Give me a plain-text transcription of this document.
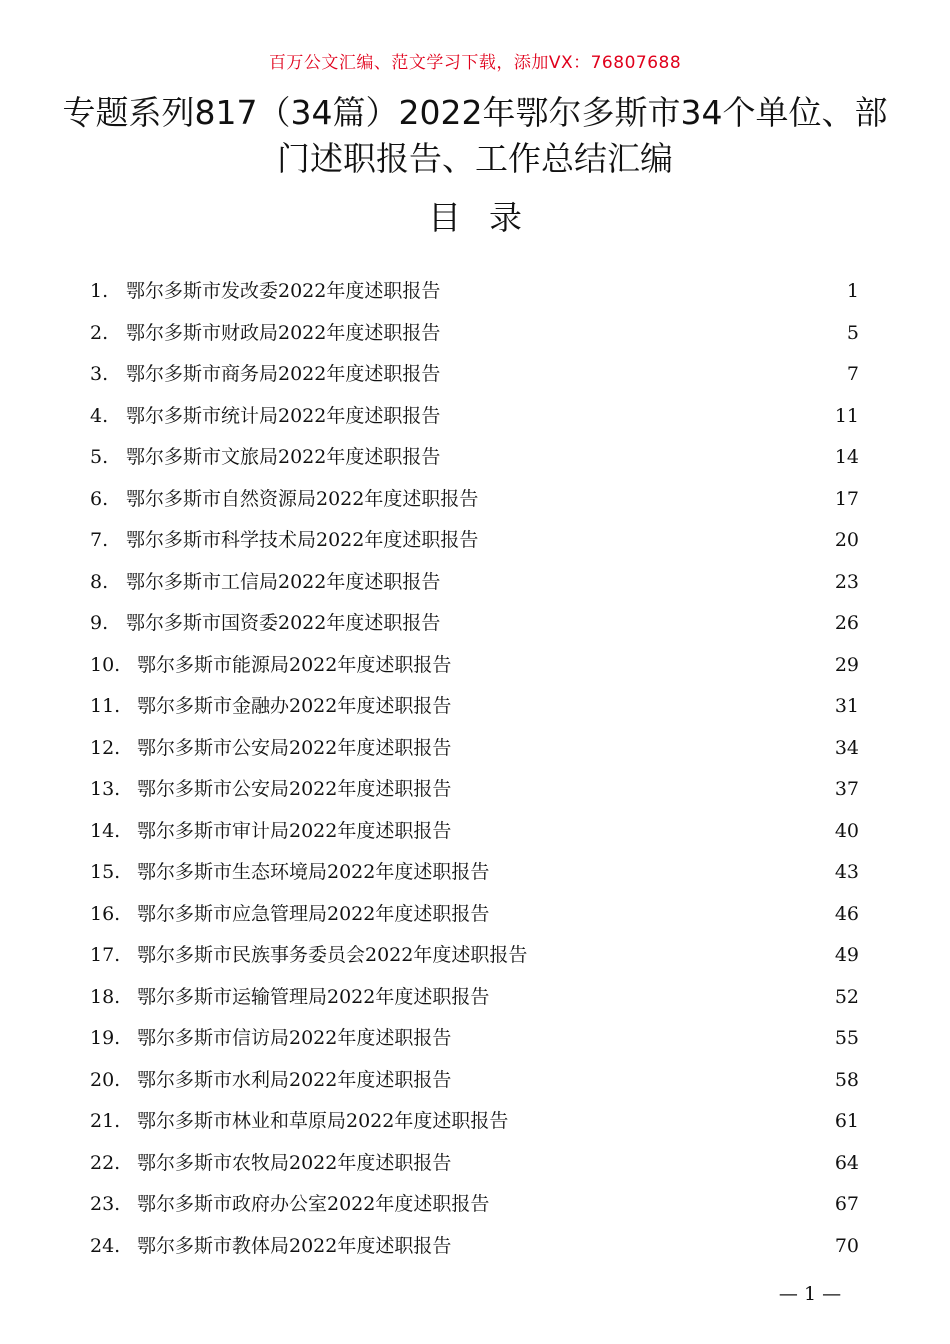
百万公文汇编、范文学习下载，添加VX：76807688
专题系列817（34篇）2022年鄂尔多斯市34个单位、部门述职报告、工作总结汇编
目 录
1. 鄂尔多斯市发改委2022年度述职报告	1
2. 鄂尔多斯市财政局2022年度述职报告	5
3. 鄂尔多斯市商务局2022年度述职报告	7
4. 鄂尔多斯市统计局2022年度述职报告	11
5. 鄂尔多斯市文旅局2022年度述职报告	14
6. 鄂尔多斯市自然资源局2022年度述职报告	17
7. 鄂尔多斯市科学技术局2022年度述职报告	20
8. 鄂尔多斯市工信局2022年度述职报告	23
9. 鄂尔多斯市国资委2022年度述职报告	26
10. 鄂尔多斯市能源局2022年度述职报告	29
11. 鄂尔多斯市金融办2022年度述职报告	31
12. 鄂尔多斯市公安局2022年度述职报告	34
13. 鄂尔多斯市公安局2022年度述职报告	37
14. 鄂尔多斯市审计局2022年度述职报告	40
15. 鄂尔多斯市生态环境局2022年度述职报告	43
16. 鄂尔多斯市应急管理局2022年度述职报告	46
17. 鄂尔多斯市民族事务委员会2022年度述职报告	49
18. 鄂尔多斯市运输管理局2022年度述职报告	52
19. 鄂尔多斯市信访局2022年度述职报告	55
20. 鄂尔多斯市水利局2022年度述职报告	58
21. 鄂尔多斯市林业和草原局2022年度述职报告	61
22. 鄂尔多斯市农牧局2022年度述职报告	64
23. 鄂尔多斯市政府办公室2022年度述职报告	67
24. 鄂尔多斯市教体局2022年度述职报告	70
— 1 —
